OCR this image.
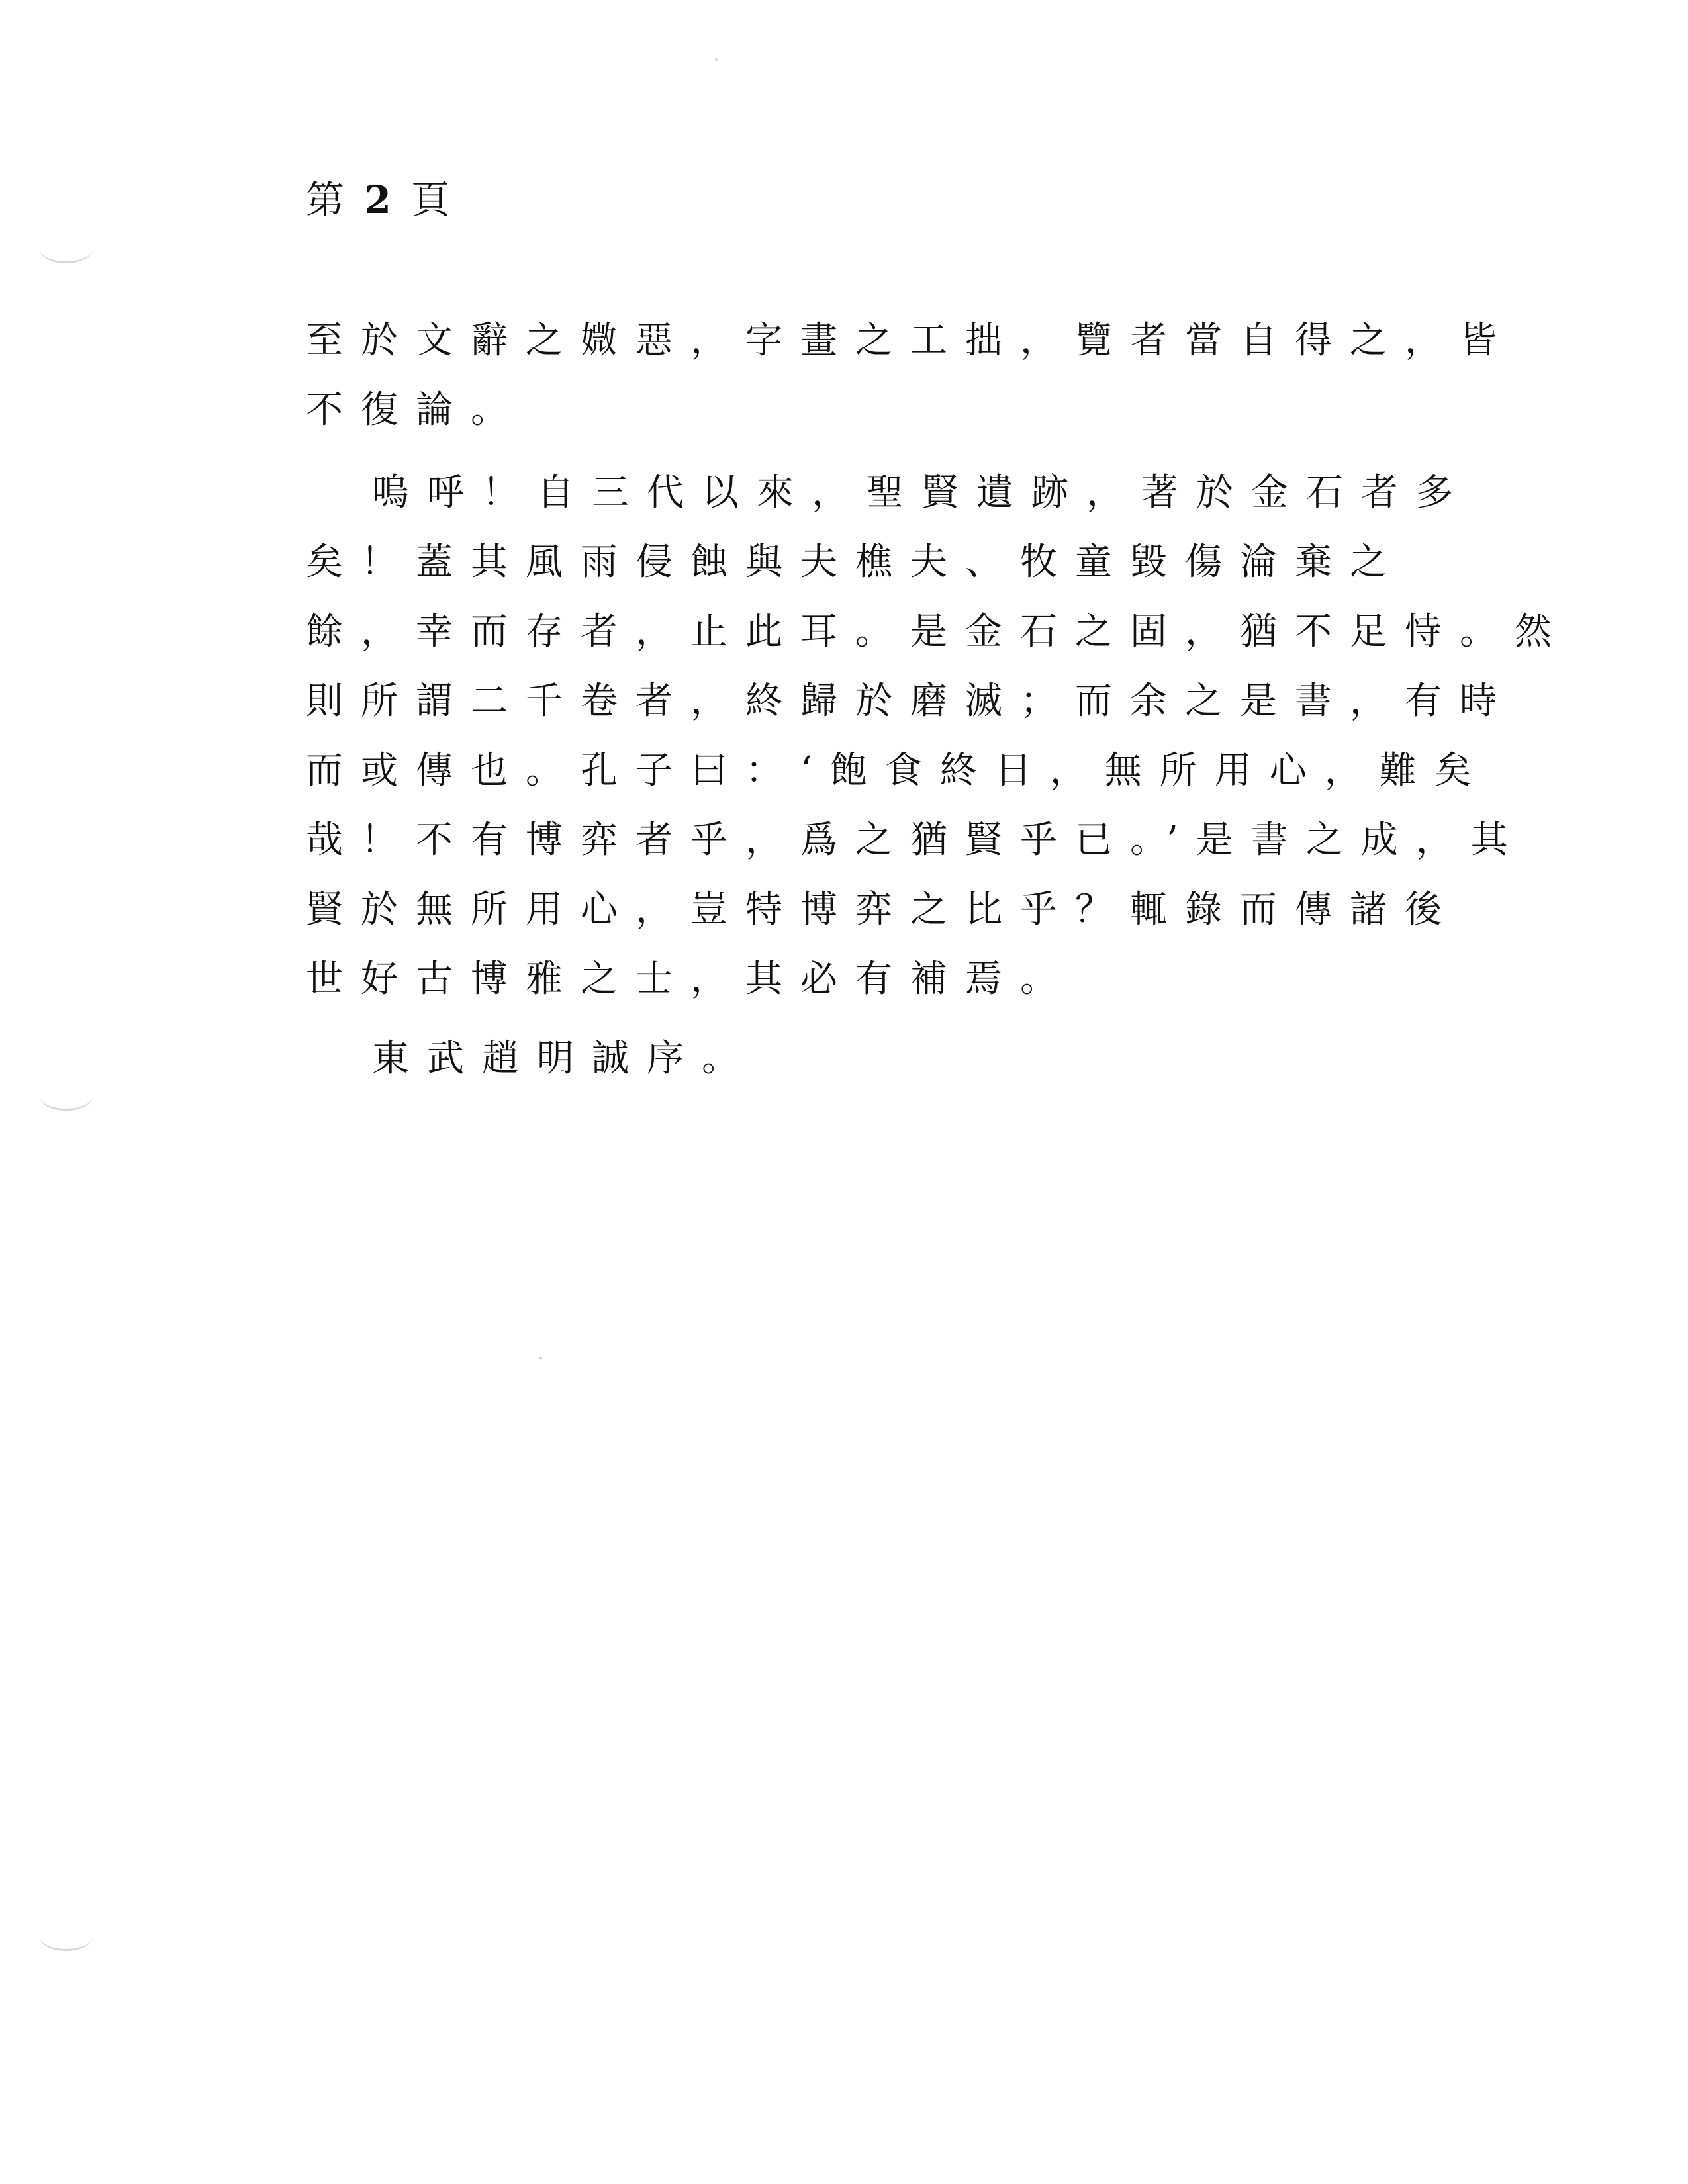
第 2 頁
至於文辭之媺惡，字畫之工拙，覽者當自得之，皆
不復論。
嗚呼！自三代以來，聖賢遺跡，著於金石者多
矣！蓋其風雨侵蝕與夫樵夫、牧童毀傷淪棄之
餘，幸而存者，止此耳。是金石之固，猶不足恃。然
則所謂二千卷者，終歸於磨滅；而余之是書，有時
而或傳也。孔子曰：‘飽食終日，無所用心，難矣
哉！不有博弈者乎，爲之猶賢乎已。’是書之成，其
賢於無所用心，豈特博弈之比乎？輒錄而傳諸後
世好古博雅之士，其必有補焉。
東武趙明誠序。
